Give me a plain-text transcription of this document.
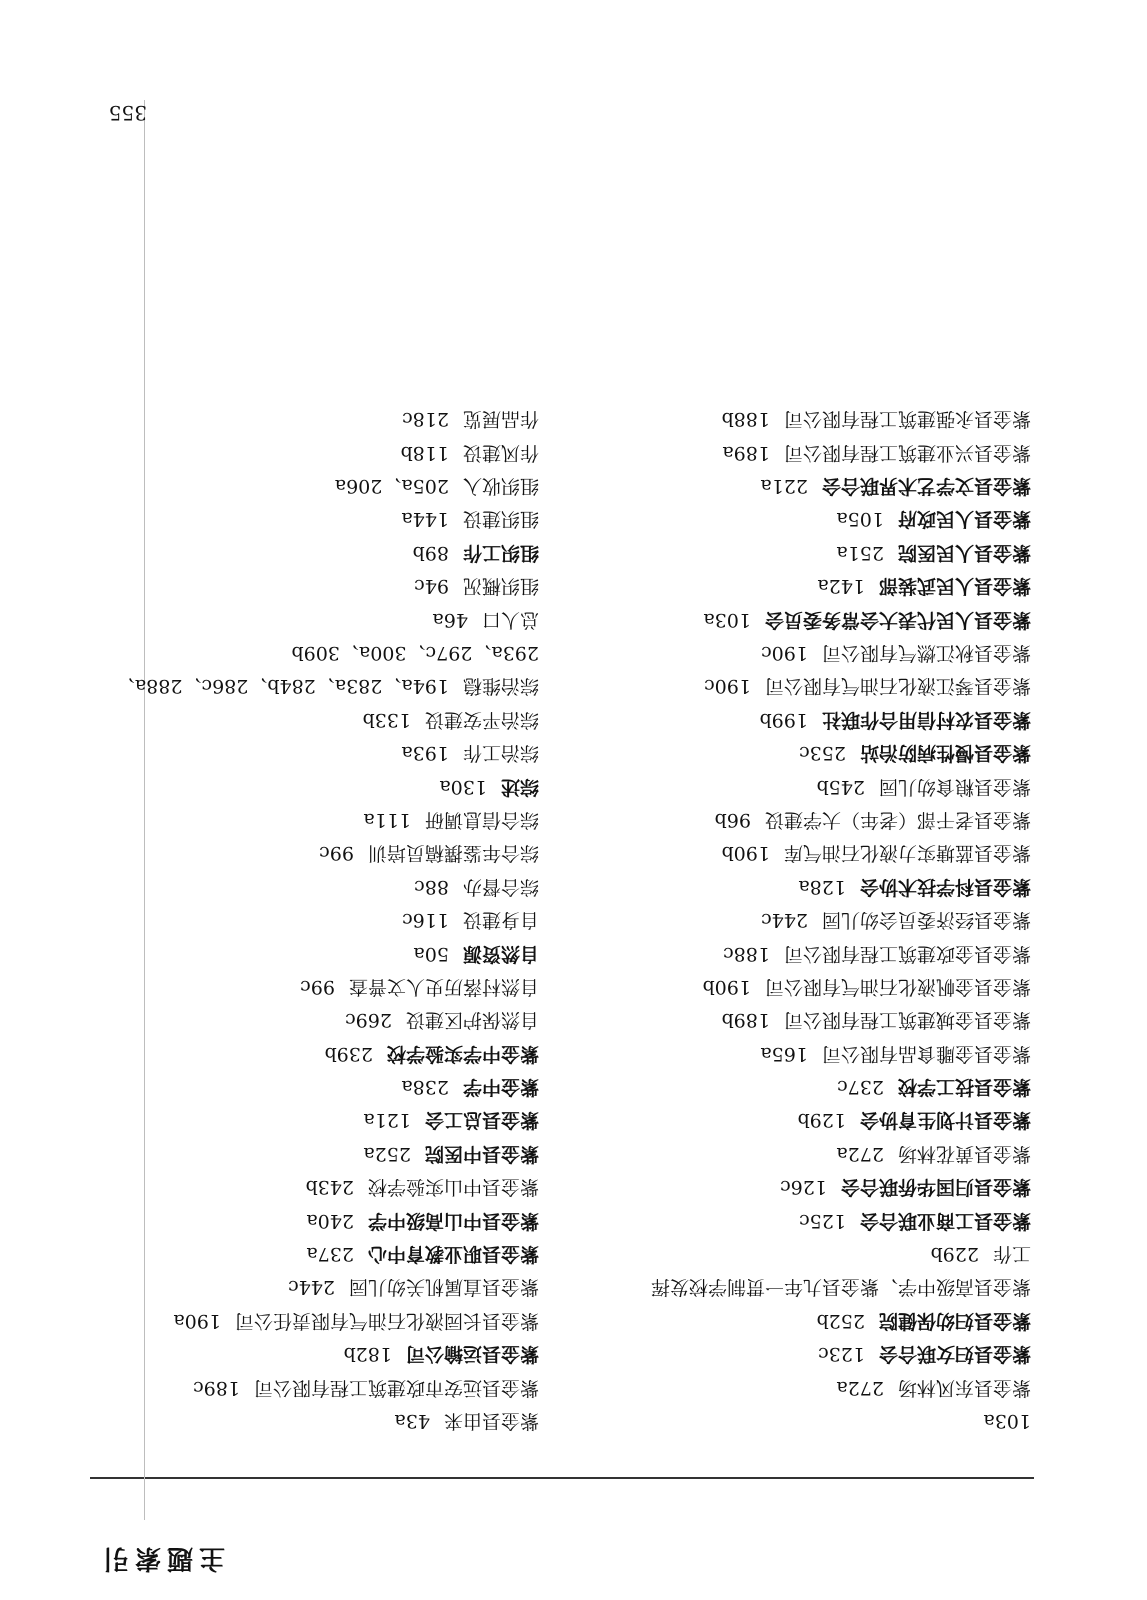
主题索引
355
103a
紫金县东风林场272a
紫金县妇女联合会123c
紫金县妇幼保健院252b
紫金县高级中学、紫金县九年一贯制学校发挥
工作229b
紫金县工商业联合会125c
紫金县归国华侨联合会126c
紫金县黄花林场272a
紫金县计划生育协会129b
紫金县技工学校237c
紫金县金雕食品有限公司165a
紫金县金城建筑工程有限公司189b
紫金县金帆液化石油气有限公司190b
紫金县金政建筑工程有限公司188c
紫金县经济委员会幼儿园244c
紫金县科学技术协会128a
紫金县蓝塘实力液化石油气库190b
紫金县老干部（老年）大学建设96b
紫金县粮食幼儿园245b
紫金县慢性病防治站253c
紫金县农村信用合作联社199b
紫金县琴江液化石油气有限公司190c
紫金县秋江燃气有限公司190c
紫金县人民代表大会常务委员会103a
紫金县人民武装部142a
紫金县人民医院251a
紫金县人民政府105a
紫金县文学艺术界联合会221a
紫金县兴业建筑工程有限公司189a
紫金县永强建筑工程有限公司188b
紫金县由来43a
紫金县远安市政建筑工程有限公司189c
紫金县运输公司182b
紫金县长园液化石油气有限责任公司190a
紫金县直属机关幼儿园244c
紫金县职业教育中心237a
紫金县中山高级中学240a
紫金县中山实验学校243b
紫金县中医院252a
紫金县总工会121a
紫金中学238a
紫金中学实验学校239b
自然保护区建设269c
自然村落历史人文普查99c
自然资源50a
自身建设116c
综合督办88c
综合年鉴撰稿员培训99c
综合信息调研111a
综述130a
综治工作193a
综治平安建设133b
综治维稳194a、283a、284b、286c、288a、
293a、297c、300a、309b
总人口46a
组织概况94c
组织工作89b
组织建设144a
组织收入205a、206a
作风建设118b
作品展览218c
